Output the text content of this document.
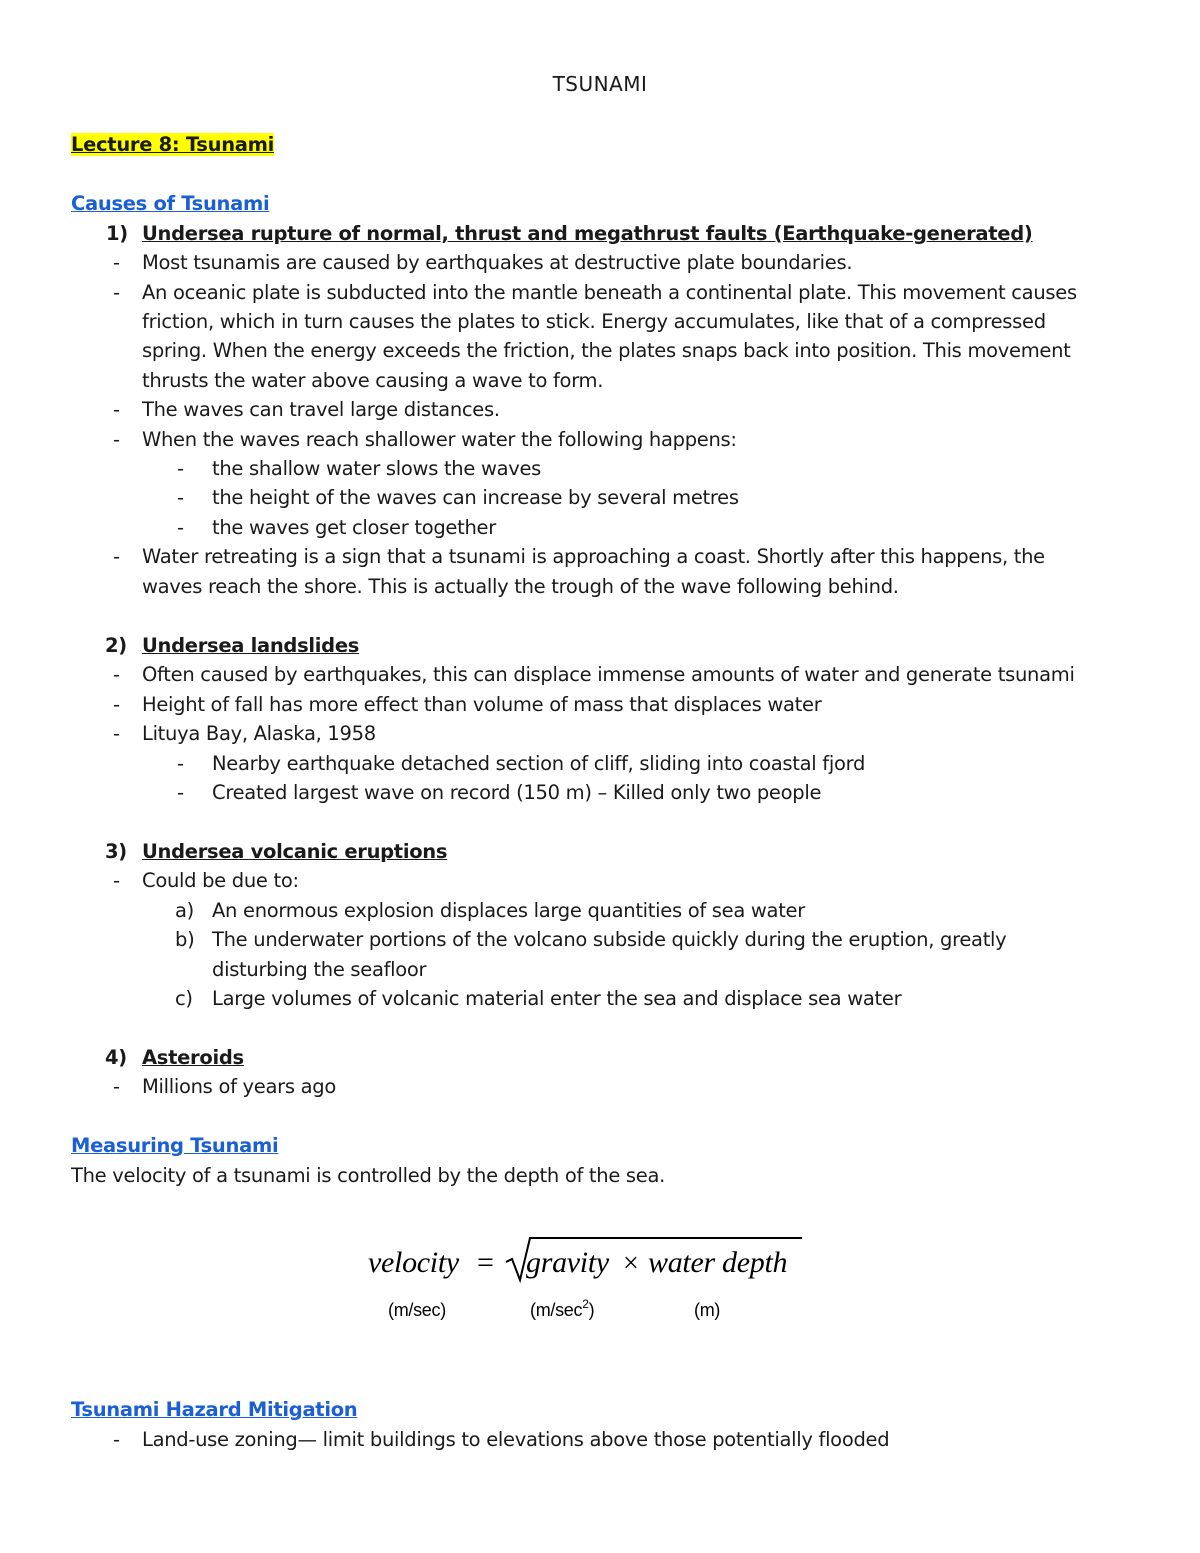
TSUNAMI
Lecture 8: Tsunami
Causes of Tsunami
1) Undersea rupture of normal, thrust and megathrust faults (Earthquake-generated)
- Most tsunamis are caused by earthquakes at destructive plate boundaries.
- An oceanic plate is subducted into the mantle beneath a continental plate. This movement causes
friction, which in turn causes the plates to stick. Energy accumulates, like that of a compressed
spring. When the energy exceeds the friction, the plates snaps back into position. This movement
thrusts the water above causing a wave to form.
- The waves can travel large distances.
- When the waves reach shallower water the following happens:
- the shallow water slows the waves
- the height of the waves can increase by several metres
- the waves get closer together
- Water retreating is a sign that a tsunami is approaching a coast. Shortly after this happens, the
waves reach the shore. This is actually the trough of the wave following behind.
2) Undersea landslides
- Often caused by earthquakes, this can displace immense amounts of water and generate tsunami
- Height of fall has more effect than volume of mass that displaces water
- Lituya Bay, Alaska, 1958
- Nearby earthquake detached section of cliff, sliding into coastal fjord
- Created largest wave on record (150 m) – Killed only two people
3) Undersea volcanic eruptions
- Could be due to:
a) An enormous explosion displaces large quantities of sea water
b) The underwater portions of the volcano subside quickly during the eruption, greatly
disturbing the seafloor
c) Large volumes of volcanic material enter the sea and displace sea water
4) Asteroids
- Millions of years ago
Measuring Tsunami
The velocity of a tsunami is controlled by the depth of the sea.
Tsunami Hazard Mitigation
- Land-use zoning— limit buildings to elevations above those potentially flooded
velocity = gravity water depth
×
(m/sec)	$(m/\sec^2)$	(m)
